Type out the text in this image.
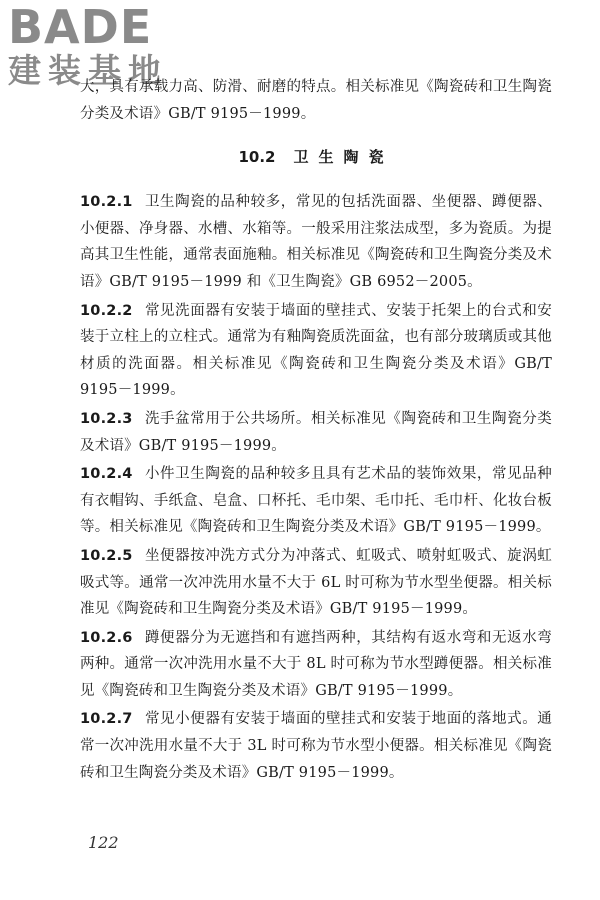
BADE
建装基地

大，具有承载力高、防滑、耐磨的特点。相关标准见《陶瓷砖和卫生陶瓷分类及术语》GB/T 9195－1999。

10.2 卫生陶瓷

10.2.1 卫生陶瓷的品种较多，常见的包括洗面器、坐便器、蹲便器、小便器、净身器、水槽、水箱等。一般采用注浆法成型，多为瓷质。为提高其卫生性能，通常表面施釉。相关标准见《陶瓷砖和卫生陶瓷分类及术语》GB/T 9195－1999 和《卫生陶瓷》GB 6952－2005。

10.2.2 常见洗面器有安装于墙面的壁挂式、安装于托架上的台式和安装于立柱上的立柱式。通常为有釉陶瓷质洗面盆，也有部分玻璃质或其他材质的洗面器。相关标准见《陶瓷砖和卫生陶瓷分类及术语》GB/T 9195－1999。

10.2.3 洗手盆常用于公共场所。相关标准见《陶瓷砖和卫生陶瓷分类及术语》GB/T 9195－1999。

10.2.4 小件卫生陶瓷的品种较多且具有艺术品的装饰效果，常见品种有衣帽钩、手纸盒、皂盒、口杯托、毛巾架、毛巾托、毛巾杆、化妆台板等。相关标准见《陶瓷砖和卫生陶瓷分类及术语》GB/T 9195－1999。

10.2.5 坐便器按冲洗方式分为冲落式、虹吸式、喷射虹吸式、旋涡虹吸式等。通常一次冲洗用水量不大于 6L 时可称为节水型坐便器。相关标准见《陶瓷砖和卫生陶瓷分类及术语》GB/T 9195－1999。

10.2.6 蹲便器分为无遮挡和有遮挡两种，其结构有返水弯和无返水弯两种。通常一次冲洗用水量不大于 8L 时可称为节水型蹲便器。相关标准见《陶瓷砖和卫生陶瓷分类及术语》GB/T 9195－1999。

10.2.7 常见小便器有安装于墙面的壁挂式和安装于地面的落地式。通常一次冲洗用水量不大于 3L 时可称为节水型小便器。相关标准见《陶瓷砖和卫生陶瓷分类及术语》GB/T 9195－1999。

122
